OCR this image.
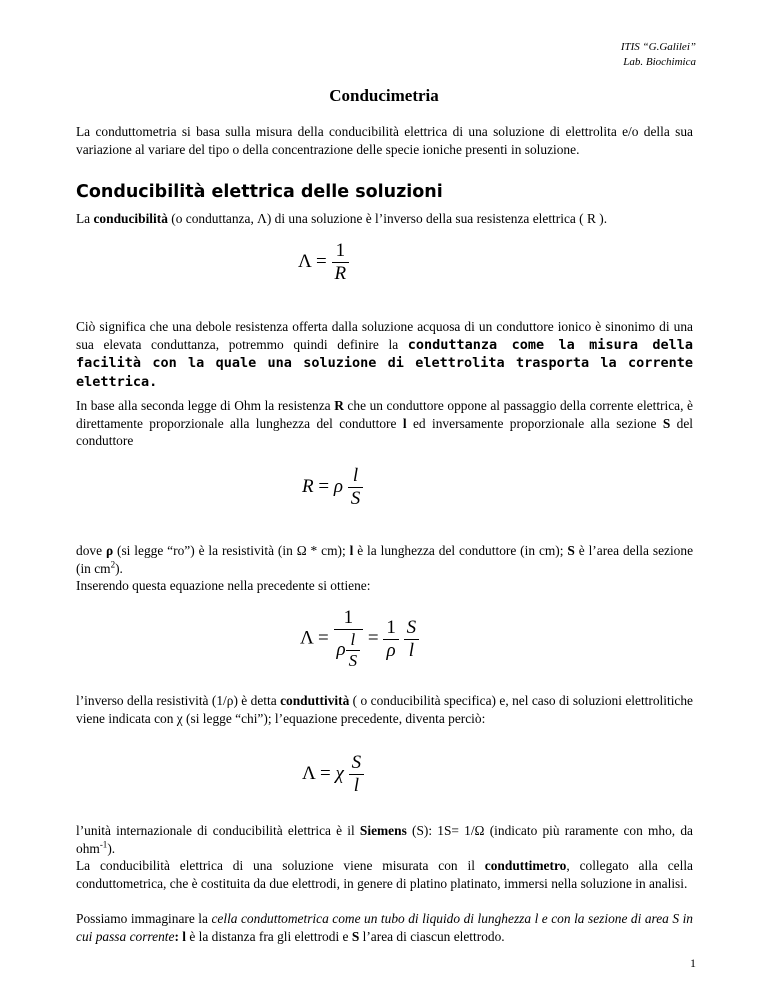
ITIS “G.Galilei”
Lab. Biochimica
Conducimetria

La conduttometria si basa sulla misura della conducibilità elettrica di una soluzione di elettrolita e/o della sua variazione al variare del tipo o della concentrazione delle specie ioniche presenti in soluzione.

Conducibilità elettrica delle soluzioni

La conducibilità (o conduttanza, Λ) di una soluzione è l’inverso della sua resistenza elettrica ( R ).

$\Lambda = \frac{1}{R}$

Ciò significa che una debole resistenza offerta dalla soluzione acquosa di un conduttore ionico è sinonimo di una sua elevata conduttanza, potremmo quindi definire la conduttanza come la misura della facilità con la quale una soluzione di elettrolita trasporta la corrente elettrica.

In base alla seconda legge di Ohm la resistenza R che un conduttore oppone al passaggio della corrente elettrica, è direttamente proporzionale alla lunghezza del conduttore l ed inversamente proporzionale alla sezione S del conduttore

R = ρ $\frac{l}{S}$

dove ρ (si legge “ro”) è la resistività (in Ω * cm); l è la lunghezza del conduttore (in cm); S è l’area della sezione (in $cm^2$).

Inserendo questa equazione nella precedente si ottiene:

$\Lambda = \frac{1}{\rho \frac{l}{S}} = \frac{1}{\rho}$
$\frac{S}{l}$

l’inverso della resistività (1/ρ) è detta conduttività ( o conducibilità specifica) e, nel caso di soluzioni elettrolitiche viene indicata con χ (si legge “chi”); l’equazione precedente, diventa perciò:

Λ = χ $\frac{S}{l}$

l’unità internazionale di conducibilità elettrica è il Siemens (S): 1S= 1/Ω (indicato più raramente con mho, da ohm$^{-1}$).

La conducibilità elettrica di una soluzione viene misurata con il conduttimetro, collegato alla cella conduttometrica, che è costituita da due elettrodi, in genere di platino platinato, immersi nella soluzione in analisi.

Possiamo immaginare la cella conduttometrica come un tubo di liquido di lunghezza l e con la sezione di area S in cui passa corrente: l è la distanza fra gli elettrodi e S l’area di ciascun elettrodo.

1
